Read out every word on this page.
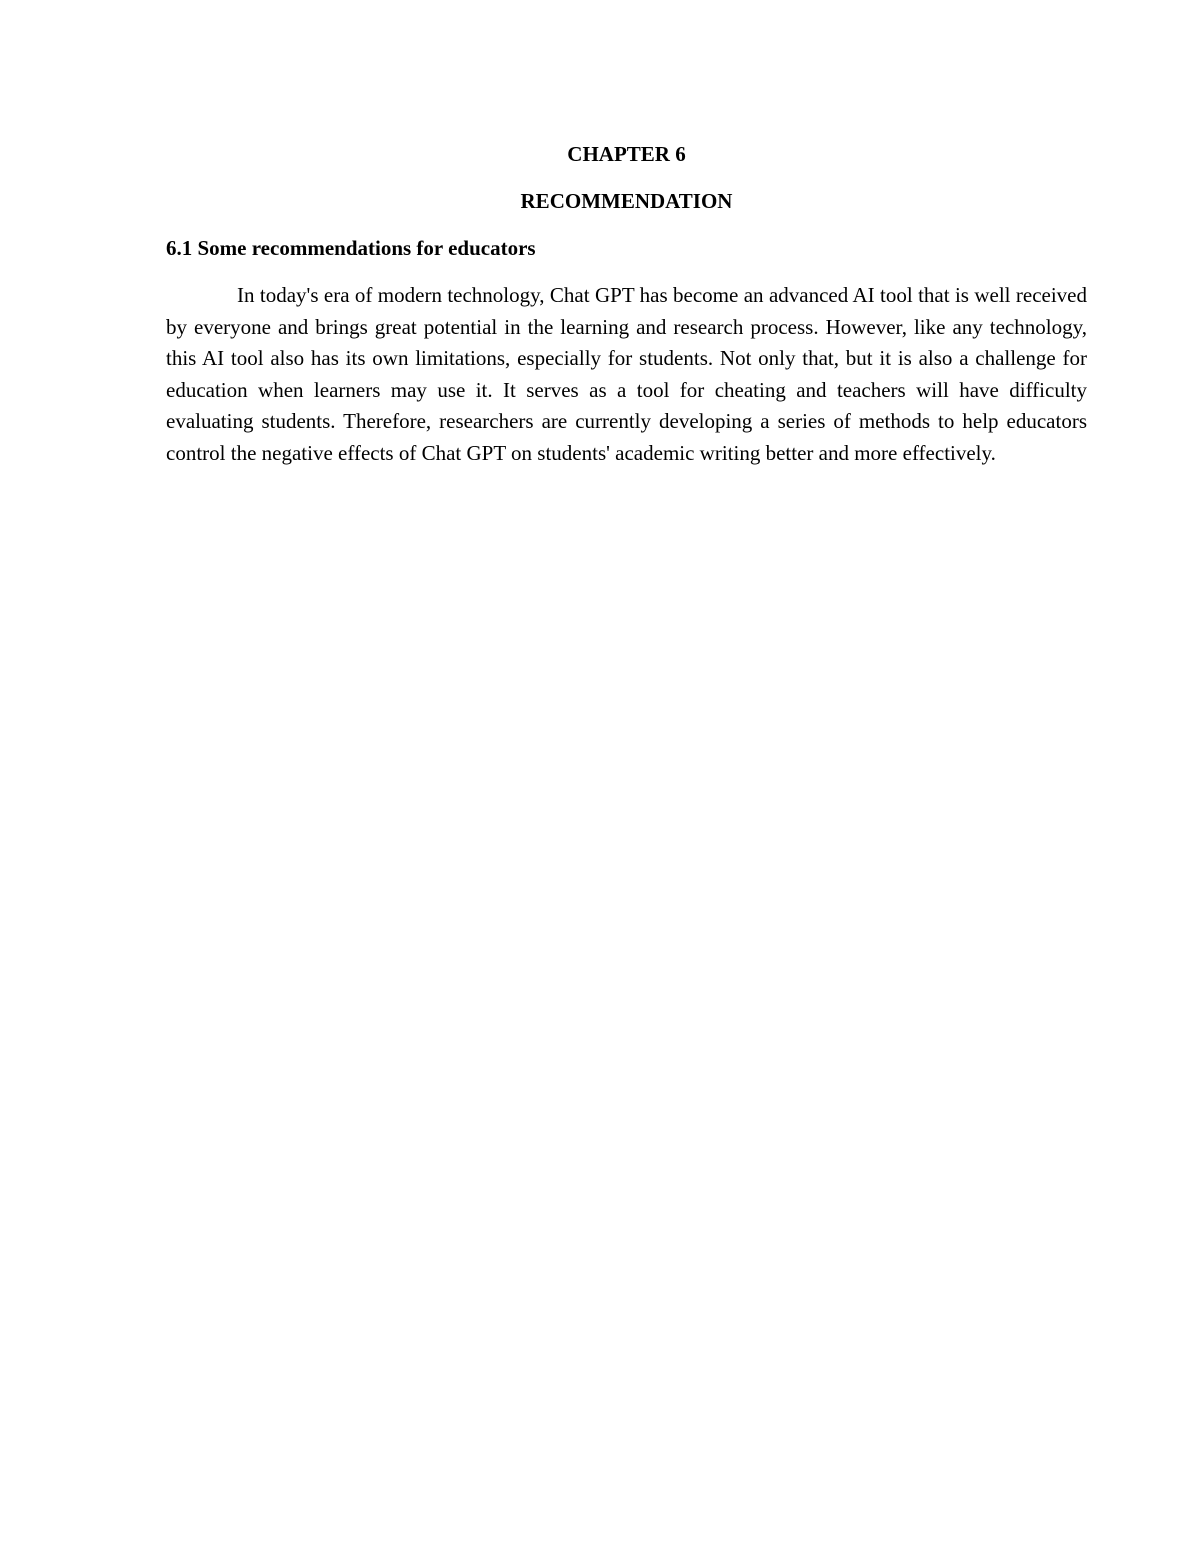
CHAPTER 6
RECOMMENDATION
6.1 Some recommendations for educators

In today's era of modern technology, Chat GPT has become an advanced AI tool that is well received by everyone and brings great potential in the learning and research process. However, like any technology, this AI tool also has its own limitations, especially for students. Not only that, but it is also a challenge for education when learners may use it. It serves as a tool for cheating and teachers will have difficulty evaluating students. Therefore, researchers are currently developing a series of methods to help educators control the negative effects of Chat GPT on students' academic writing better and more effectively.
